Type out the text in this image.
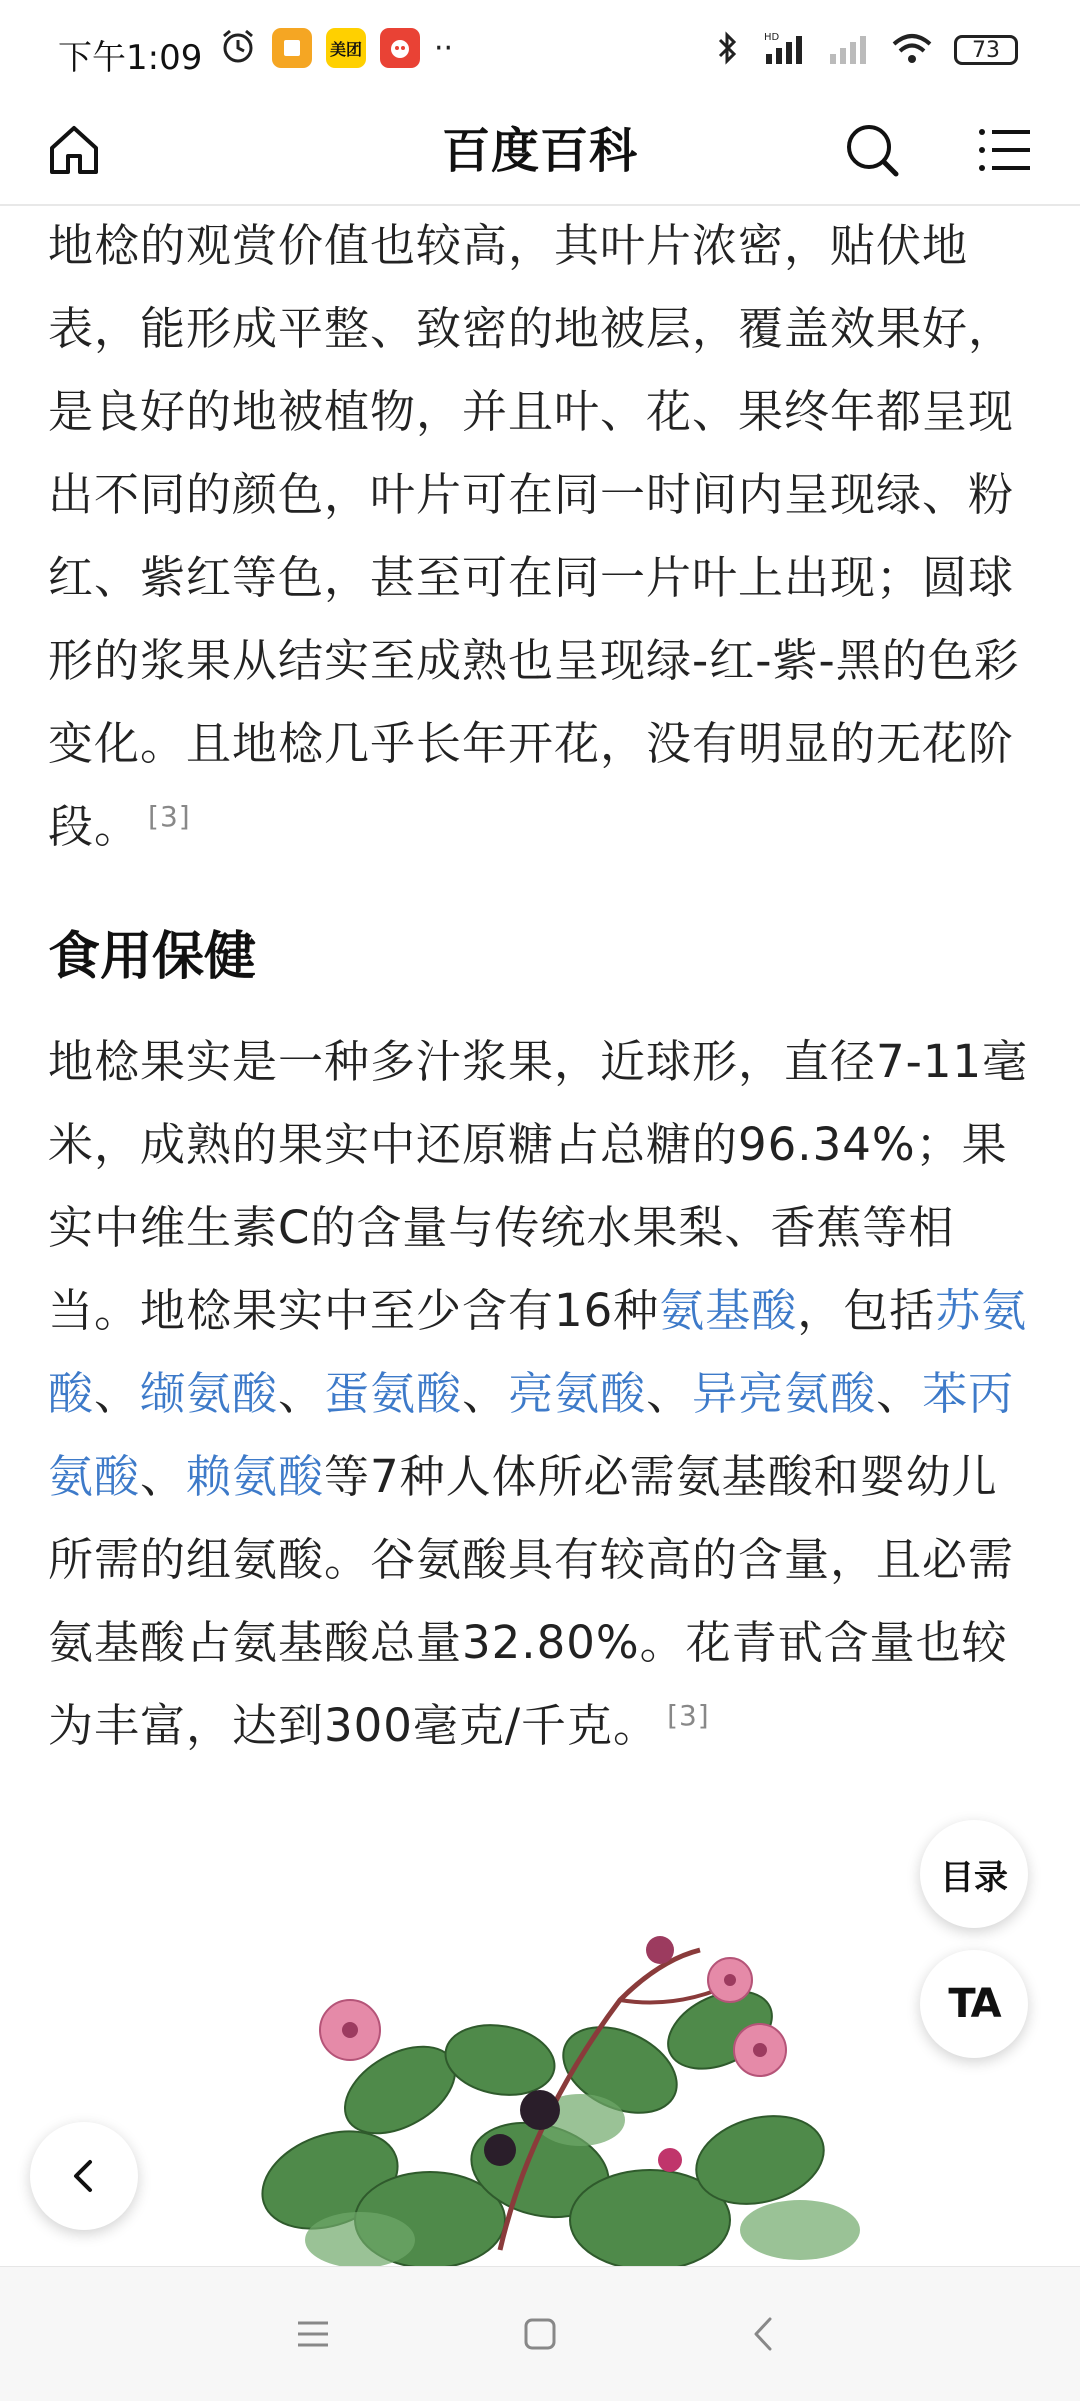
下午1:09	美团 ··	HD	73
百度百科

地棯的观赏价值也较高，其叶片浓密，贴伏地表，能形成平整、致密的地被层，覆盖效果好，是良好的地被植物，并且叶、花、果终年都呈现出不同的颜色，叶片可在同一时间内呈现绿、粉红、紫红等色，甚至可在同一片叶上出现；圆球形的浆果从结实至成熟也呈现绿-红-紫-黑的色彩变化。且地棯几乎长年开花，没有明显的无花阶段。 [3]

食用保健

地棯果实是一种多汁浆果，近球形，直径7-11毫米，成熟的果实中还原糖占总糖的96.34%；果实中维生素C的含量与传统水果梨、香蕉等相当。地棯果实中至少含有16种氨基酸，包括苏氨酸、缬氨酸、蛋氨酸、亮氨酸、异亮氨酸、苯丙氨酸、赖氨酸等7种人体所必需氨基酸和婴幼儿所需的组氨酸。谷氨酸具有较高的含量，且必需氨基酸占氨基酸总量32.80%。花青甙含量也较为丰富，达到300毫克/千克。 [3]

目录
TA
